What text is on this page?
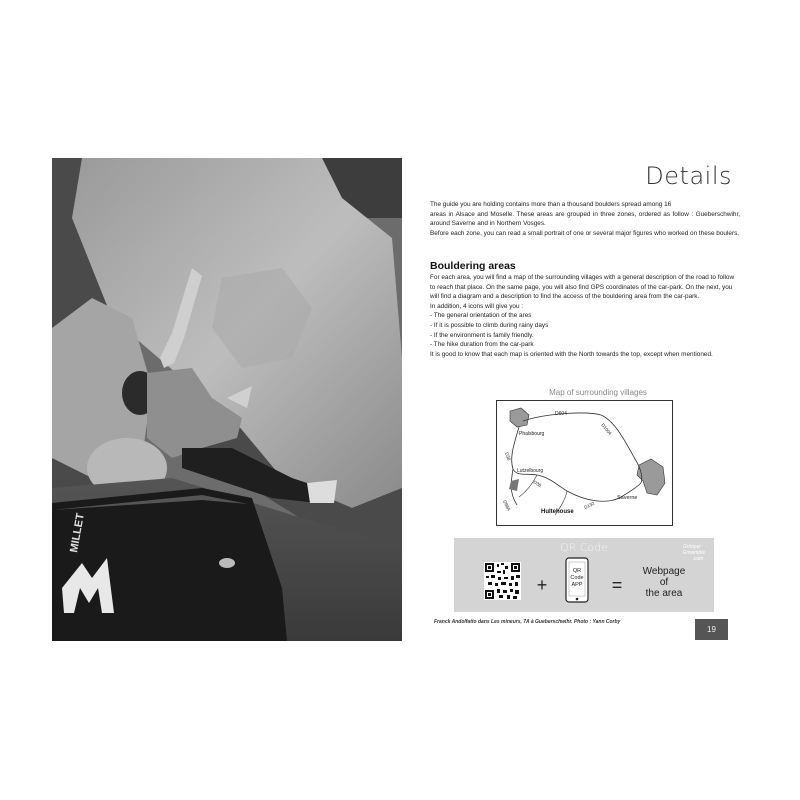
MILLET
Details

The guide you are holding contains more than a thousand boulders spread among 16

areas in Alsace and Moselle. These areas are grouped in three zones, ordered as follow : Gueberschwihr, around Saverne and in Northern Vosges.

Before each zone, you can read a small portrait of one or several major figures who worked on these boulers.

Bouldering areas

For each area, you will find a map of the surrounding villages with a general description of the road to follow to reach that place. On the same page, you will also find GPS coordinates of the car-park. On the next, you will find a diagram and a description to find the access of the bouldering area from the car-park.

In addition, 4 icons will give you :

- The general orientation of the ares
- If it is possible to climb during rainy days
- If the environment is family friendly.
- The hike duration from the car-park

It is good to know that each map is oriented with the North towards the top, except when mentioned.

Map of surrounding villages
D604
Phalsbourg	D1004
Lutzelbourg
D38
D38
D98A	D132
Saverne
Hultehouse
QR Code
+
QR
Code
APP =
Webpage
of
the area
Grimper
Ensemble
.com
Franck Andolfatto dans Les mineurs, 7A à Gueberschwihr. Photo : Yann Corby
19
